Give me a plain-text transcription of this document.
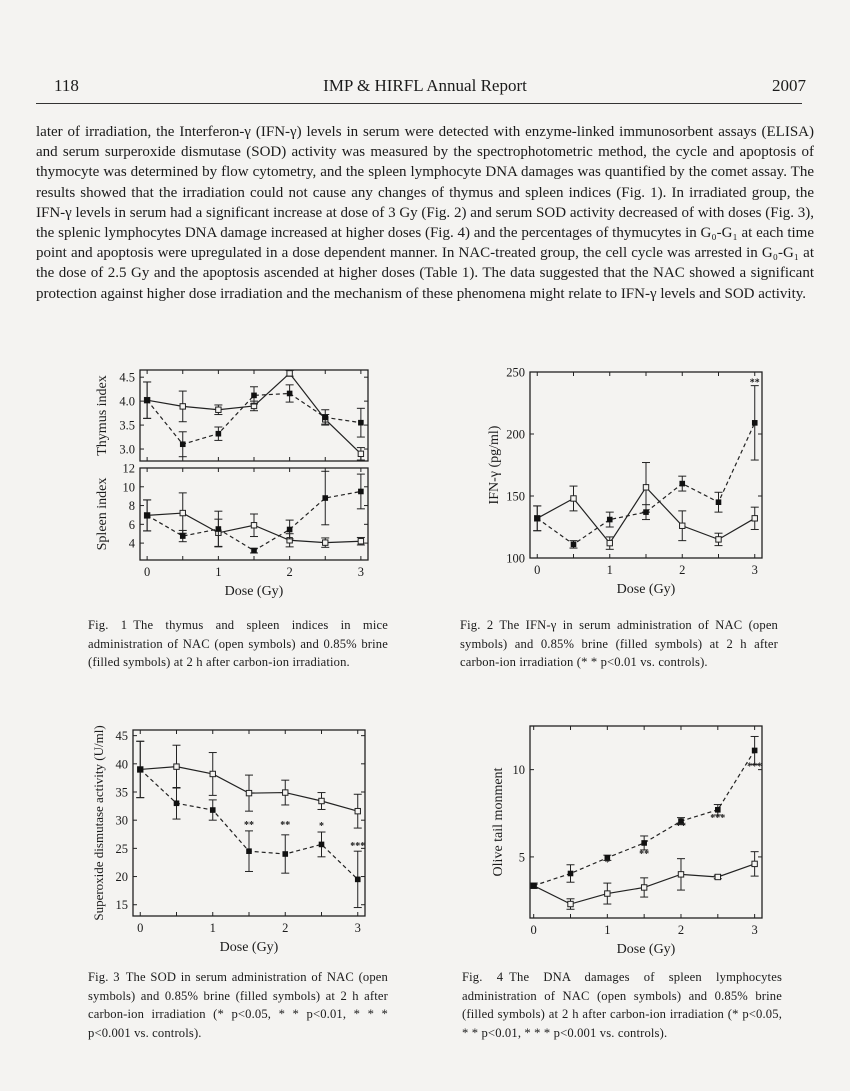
118	IMP & HIRFL Annual Report	2007

later of irradiation, the Interferon-γ (IFN-γ) levels in serum were detected with enzyme-linked immunosorbent assays (ELISA) and serum surperoxide dismutase (SOD) activity was measured by the spectrophotometric method, the cycle and apoptosis of thymocyte was determined by flow cytometry, and the spleen lymphocyte DNA damages was quantified by the comet assay. The results showed that the irradiation could not cause any changes of thymus and spleen indices (Fig. 1). In irradiated group, the IFN-γ levels in serum had a significant increase at dose of 3 Gy (Fig. 2) and serum SOD activity decreased of with doses (Fig. 3), the splenic lymphocytes DNA damage increased at higher doses (Fig. 4) and the percentages of thymucytes in G₀-G₁ at each time point and apoptosis were upregulated in a dose dependent manner. In NAC-treated group, the cell cycle was arrested in G₀-G₁ at the dose of 2.5 Gy and the apoptosis ascended at higher doses (Table 1). The data suggested that the NAC showed a significant protection against higher dose irradiation and the mechanism of these phenomena might relate to IFN-γ levels and SOD activity.

3.0
3.5
4.0
4.5
Thymus index
4
6
8
10
12
0	1	2	3
Spleen index
Dose (Gy)
Fig. 1 The thymus and spleen indices in mice administration of NAC (open symbols) and 0.85% brine (filled symbols) at 2 h after carbon-ion irradiation.
100
150
200
250
0	1	2	3
IFN-γ (pg/ml)
Dose (Gy)
**
Fig. 2 The IFN-γ in serum administration of NAC (open symbols) and 0.85% brine (filled symbols) at 2 h after carbon-ion irradiation (* * p<0.01 vs. controls).
15
20
25
30
35
40
45
0	1	2	3
Superoxide dismutase activity (U/ml)
Dose (Gy)
**	**	*
***
Fig. 3 The SOD in serum administration of NAC (open symbols) and 0.85% brine (filled symbols) at 2 h after carbon-ion irradiation (* p<0.05, * * p<0.01, * * * p<0.001 vs. controls).
5
10
0	1	2	3
Olive tail monment
Dose (Gy)
*
**
**
***
***
Fig. 4 The DNA damages of spleen lymphocytes administration of NAC (open symbols) and 0.85% brine (filled symbols) at 2 h after carbon-ion irradiation (* p<0.05, * * p<0.01, * * * p<0.001 vs. controls).
